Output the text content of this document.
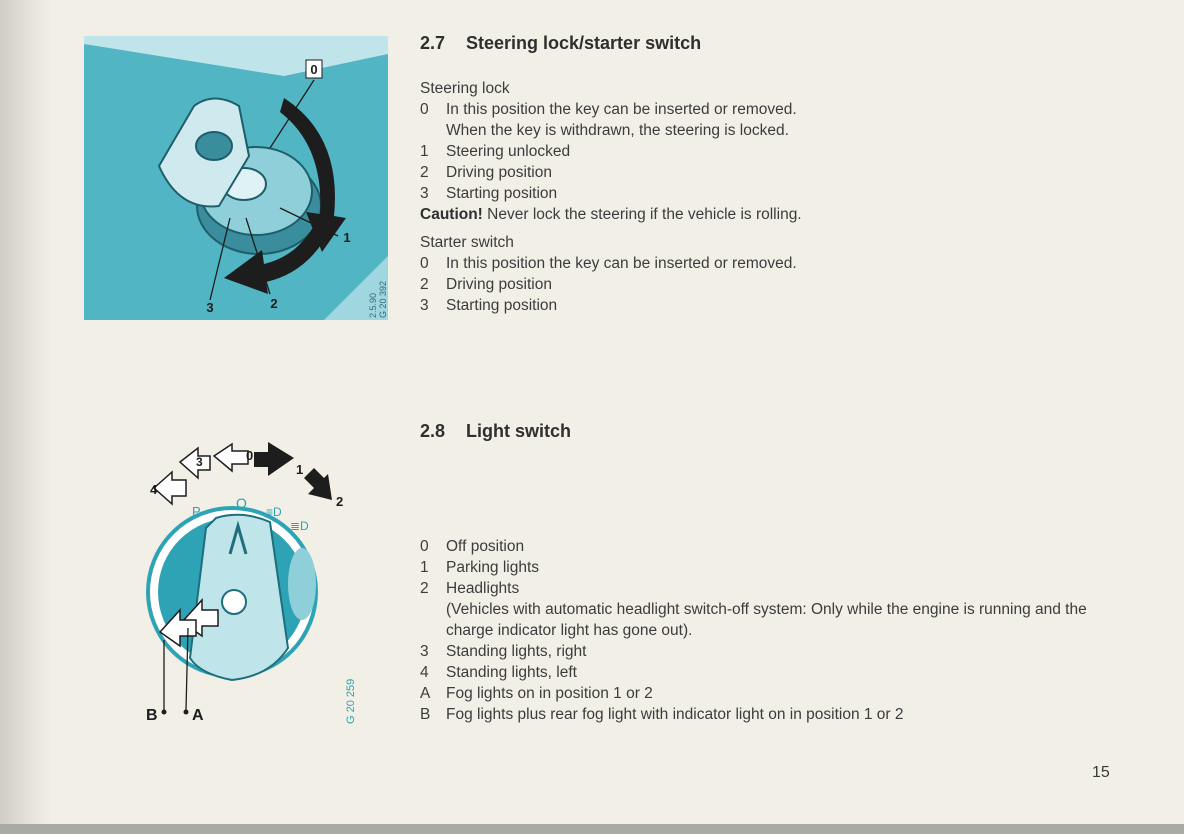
0
1
2
3	G 20 392
2.5.90
2.7 Steering lock/starter switch
Steering lock
0	In this position the key can be inserted or removed.
When the key is withdrawn, the steering is locked.
1	Steering unlocked
2	Driving position
3	Starting position
Caution! Never lock the steering if the vehicle is rolling.
Starter switch
0	In this position the key can be inserted or removed.
2	Driving position
3	Starting position
P
O
≡D
≣D
4
3	0
1
2
B A	G 20 259
2.8 Light switch
0	Off position
1	Parking lights
2	Headlights
(Vehicles with automatic headlight switch-off system: Only while the engine is running and the charge indicator light has gone out).
3	Standing lights, right
4	Standing lights, left
A	Fog lights on in position 1 or 2
B	Fog lights plus rear fog light with indicator light on in position 1 or 2
15
